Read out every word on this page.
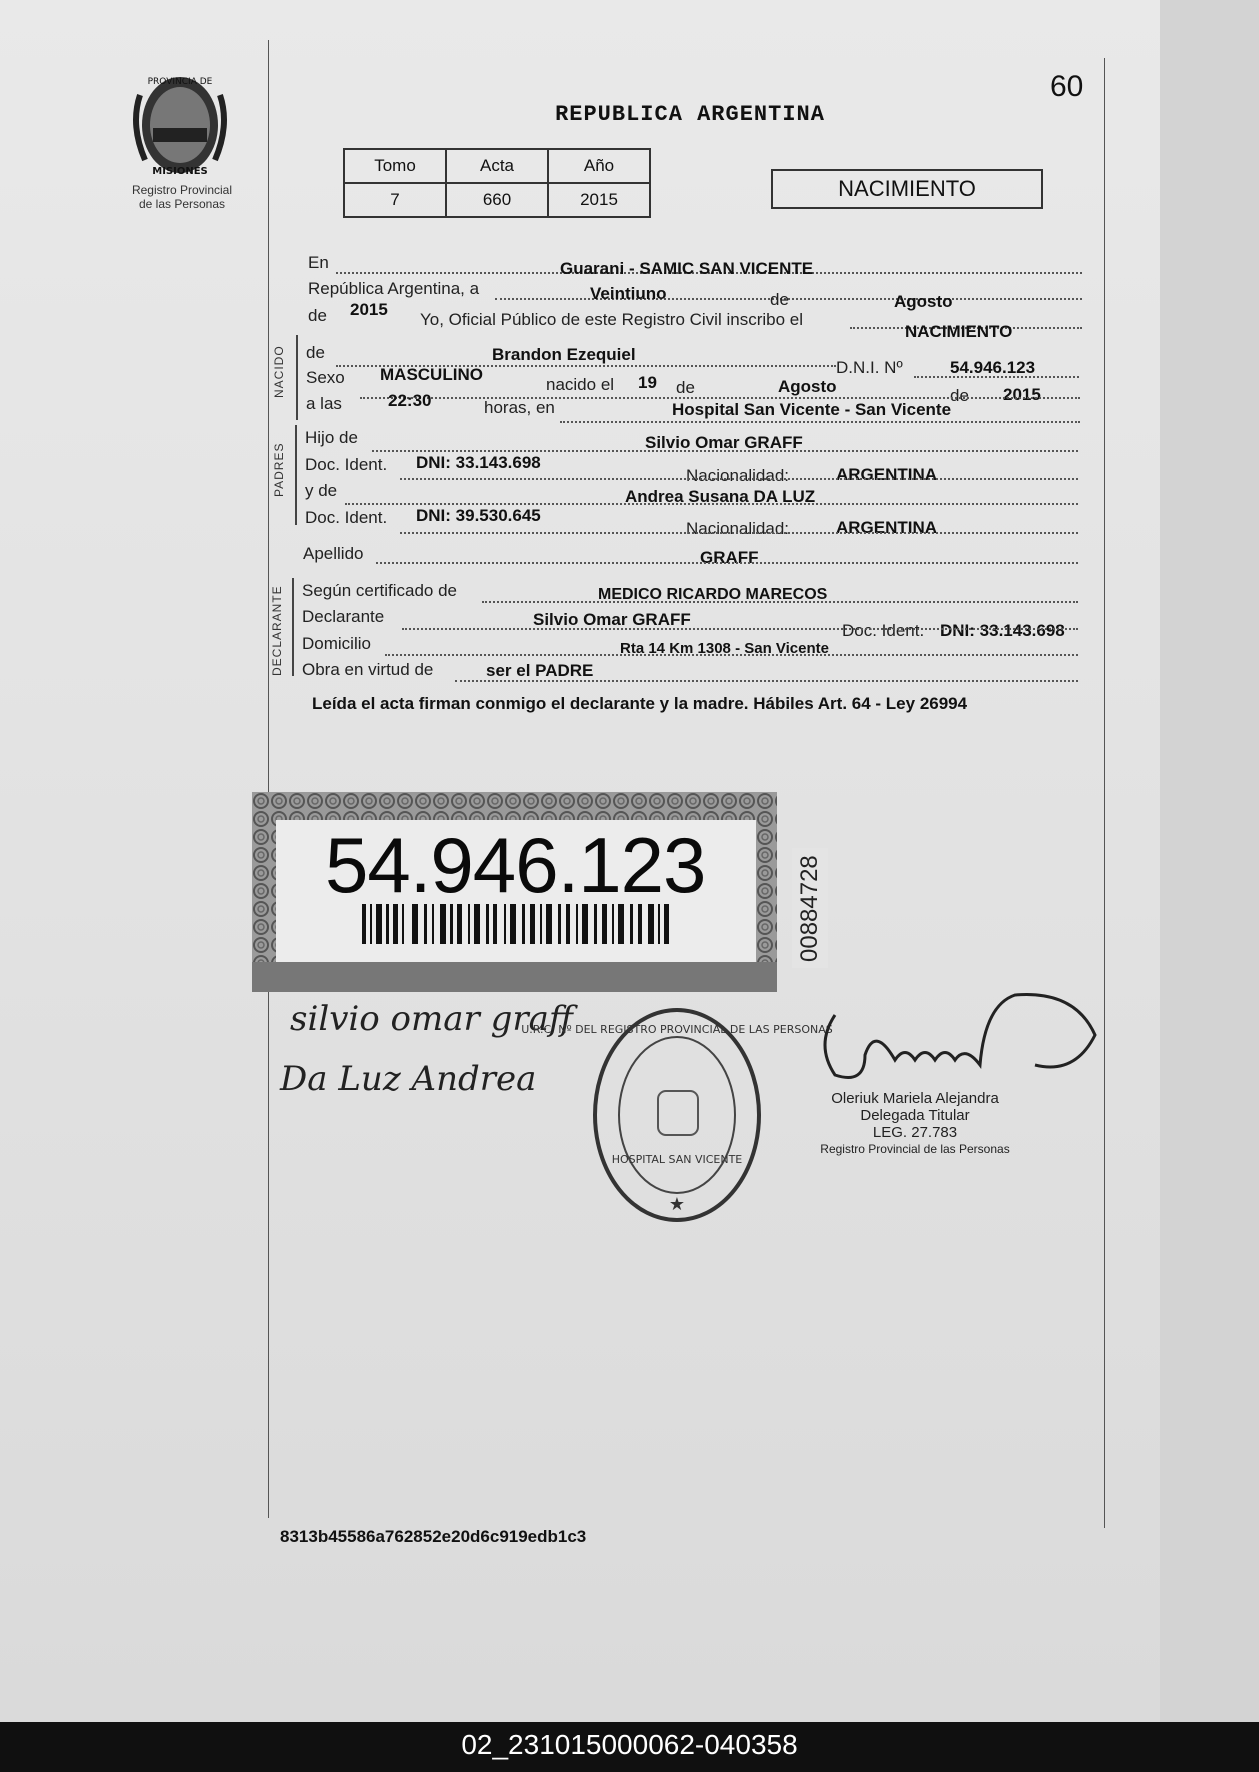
PROVINCIA DE
MISIONES
Registro Provincial
de las Personas
60
REPUBLICA ARGENTINA
Tomo	Acta	Año
7	660	2015	NACIMIENTO
En	Guarani - SAMIC SAN VICENTE
República Argentina, a	Veintiuno	de	Agosto
de 2015
Yo, Oficial Público de este Registro Civil inscribo el
NACIMIENTO
NACIDO de	Brandon Ezequiel
D.N.I. Nº	54.946.123
Sexo MASCULINO
nacido el 19 de	Agosto	de 2015
a las	22:30	horas, en	Hospital San Vicente - San Vicente
PADRES
Hijo de	Silvio Omar GRAFF
Doc. Ident. DNI: 33.143.698
Nacionalidad:	ARGENTINA
y de	Andrea Susana DA LUZ
Doc. Ident. DNI: 39.530.645
Nacionalidad:	ARGENTINA
Apellido	GRAFF
DECLARANTE Según certificado de	MEDICO RICARDO MARECOS
Declarante	Silvio Omar GRAFF
Doc. Ident. DNI: 33.143.698
Domicilio	Rta 14 Km 1308 - San Vicente
Obra en virtud de	ser el PADRE
Leída el acta firman conmigo el declarante y la madre. Hábiles Art. 64 - Ley 26994
54.946.123	00884728
silvio omar graff
Da Luz Andrea
U.R.C. Nº DEL REGISTRO PROVINCIAL DE LAS PERSONAS
HOSPITAL SAN VICENTE
★
Oleriuk Mariela Alejandra
Delegada Titular
LEG. 27.783
Registro Provincial de las Personas
8313b45586a762852e20d6c919edb1c3
02_231015000062-040358
